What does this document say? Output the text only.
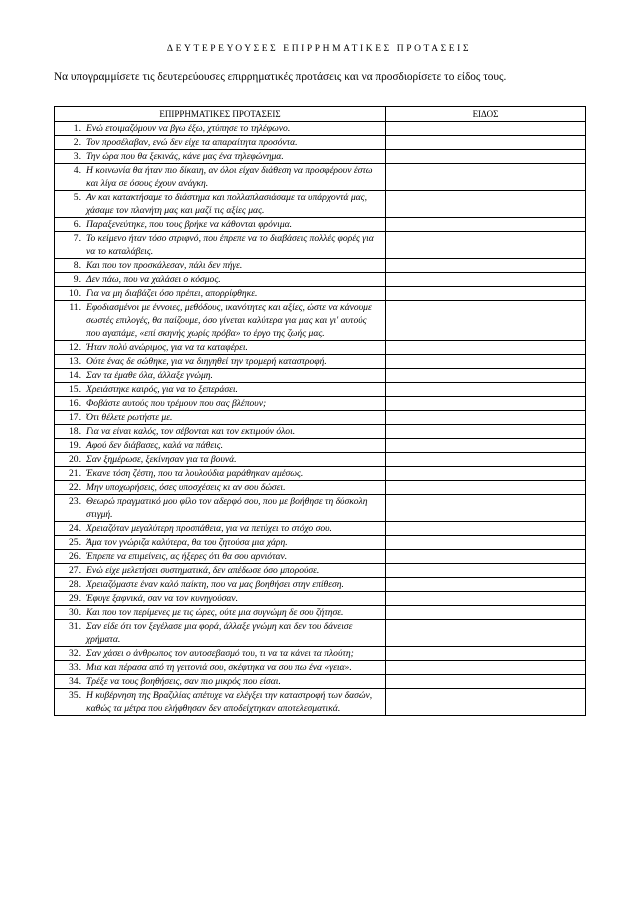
ΔΕΥΤΕΡΕΥΟΥΣΕΣ ΕΠΙΡΡΗΜΑΤΙΚΕΣ ΠΡΟΤΑΣΕΙΣ
Να υπογραμμίσετε τις δευτερεύουσες επιρρηματικές προτάσεις και να προσδιορίσετε το είδος τους.
ΕΠΙΡΡΗΜΑΤΙΚΕΣ ΠΡΟΤΑΣΕΙΣ	ΕΙΔΟΣ

1. Ενώ ετοιμαζόμουν να βγω έξω, χτύπησε το τηλέφωνο.	

2. Τον προσέλαβαν, ενώ δεν είχε τα απαραίτητα προσόντα.	

3. Την ώρα που θα ξεκινάς, κάνε μας ένα τηλεφώνημα.	

4. Η κοινωνία θα ήταν πιο δίκαιη, αν όλοι είχαν διάθεση να προσφέρουν έστω και λίγα σε όσους έχουν ανάγκη.	

5. Αν και κατακτήσαμε το διάστημα και πολλαπλασιάσαμε τα υπάρχοντά μας, χάσαμε τον πλανήτη μας και μαζί τις αξίες μας.	

6. Παραξενεύτηκε, που τους βρήκε να κάθονται φρόνιμα.	

7. Το κείμενο ήταν τόσο στριφνό, που έπρεπε να το διαβάσεις πολλές φορές για να το καταλάβεις.	

8. Και που τον προσκάλεσαν, πάλι δεν πήγε.	

9. Δεν πάω, που να χαλάσει ο κόσμος.	

10. Για να μη διαβάζει όσο πρέπει, απορρίφθηκε.	

11. Εφοδιασμένοι με έννοιες, μεθόδους, ικανότητες και αξίες, ώστε να κάνουμε σωστές επιλογές, θα παίζουμε, όσο γίνεται καλύτερα για μας και γι' αυτούς που αγαπάμε, «επί σκηνής χωρίς πρόβα» το έργο της ζωής μας.	

12. Ήταν πολύ ανώριμος, για να τα καταφέρει.	

13. Ούτε ένας δε σώθηκε, για να διηγηθεί την τρομερή καταστροφή.	

14. Σαν τα έμαθε όλα, άλλαξε γνώμη.	

15. Χρειάστηκε καιρός, για να το ξεπεράσει.	

16. Φοβάστε αυτούς που τρέμουν που σας βλέπουν;	

17. Ότι θέλετε ρωτήστε με.	

18. Για να είναι καλός, τον σέβονται και τον εκτιμούν όλοι.	

19. Αφού δεν διάβασες, καλά να πάθεις.	

20. Σαν ξημέρωσε, ξεκίνησαν για τα βουνά.	

21. Έκανε τόση ζέστη, που τα λουλούδια μαράθηκαν αμέσως.	

22. Μην υποχωρήσεις, όσες υποσχέσεις κι αν σου δώσει.	

23. Θεωρώ πραγματικό μου φίλο τον αδερφό σου, που με βοήθησε τη δύσκολη στιγμή.	

24. Χρειαζόταν μεγαλύτερη προσπάθεια, για να πετύχει το στόχο σου.	

25. Άμα τον γνώριζα καλύτερα, θα του ζητούσα μια χάρη.	

26. Έπρεπε να επιμείνεις, ας ήξερες ότι θα σου αρνιόταν.	

27. Ενώ είχε μελετήσει συστηματικά, δεν απέδωσε όσο μπορούσε.	

28. Χρειαζόμαστε έναν καλό παίκτη, που να μας βοηθήσει στην επίθεση.	

29. Έφυγε ξαφνικά, σαν να τον κυνηγούσαν.	

30. Και που τον περίμενες με τις ώρες, ούτε μια συγνώμη δε σου ζήτησε.	

31. Σαν είδε ότι τον ξεγέλασε μια φορά, άλλαξε γνώμη και δεν του δάνεισε χρήματα.	

32. Σαν χάσει ο άνθρωπος τον αυτοσεβασμό του, τι να τα κάνει τα πλούτη;	

33. Μια και πέρασα από τη γειτονιά σου, σκέφτηκα να σου πω ένα «γεια».	

34. Τρέξε να τους βοηθήσεις, σαν πιο μικρός που είσαι.	

35. Η κυβέρνηση της Βραζιλίας απέτυχε να ελέγξει την καταστροφή των δασών, καθώς τα μέτρα που ελήφθησαν δεν αποδείχτηκαν αποτελεσματικά.	
